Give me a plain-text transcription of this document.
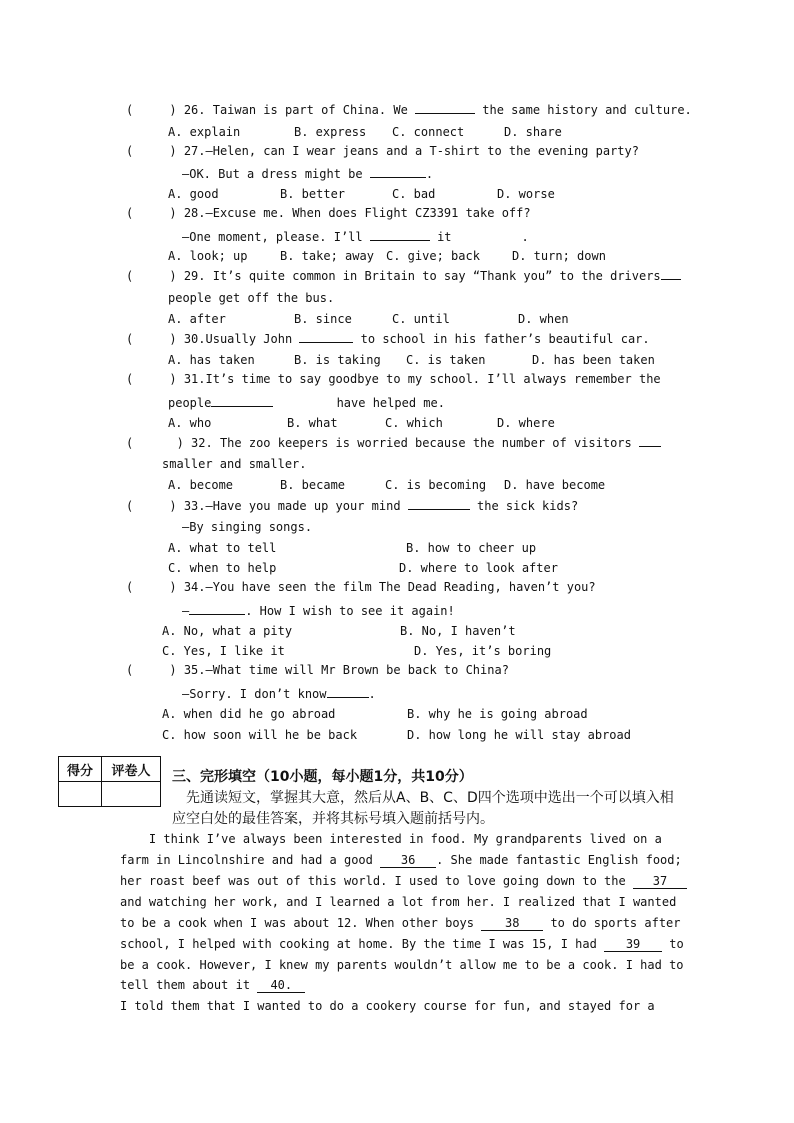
(     ) 26. Taiwan is part of China. We	the same history and culture.
A. explain	B. express C. connect	D. share
(     ) 27.—Helen, can I wear jeans and a T-shirt to the evening party?
—OK. But a dress might be	.
A. good	B. better	C. bad	D. worse
(     ) 28.—Excuse me. When does Flight CZ3391 take off?
—One moment, please. I’ll	it	.
A. look; up	B. take; away C. give; back	D. turn; down
(     ) 29. It’s quite common in Britain to say “Thank you” to the drivers
people get off the bus.
A. after	B. since	C. until	D. when
(     ) 30.Usually John	to school in his father’s beautiful car.
A. has taken	B. is taking C. is taken	D. has been taken
(     ) 31.It’s time to say goodbye to my school. I’ll always remember the
people	have helped me.
A. who	B. what	C. which	D. where
(      ) 32. The zoo keepers is worried because the number of visitors
smaller and smaller.
A. become	B. became	C. is becoming D. have become
(     ) 33.—Have you made up your mind	the sick kids?
—By singing songs.
A. what to tell	B. how to cheer up
C. when to help	D. where to look after
(     ) 34.—You have seen the film The Dead Reading, haven’t you?
—	. How I wish to see it again!
A. No, what a pity	B. No, I haven’t
C. Yes, I like it	D. Yes, it’s boring
(     ) 35.—What time will Mr Brown be back to China?
—Sorry. I don’t know	.
A. when did he go abroad	B. why he is going abroad
C. how soon will he be back	D. how long he will stay abroad
得分	评卷人
	三、完形填空（10小题，每小题1分，共10分）
先通读短文，掌握其大意，然后从A、B、C、D四个选项中选出一个可以填入相
应空白处的最佳答案，并将其标号填入题前括号内。
I think I’ve always been interested in food. My grandparents lived on a
farm in Lincolnshire and had a good 36 . She made fantastic English food;
her roast beef was out of this world. I used to love going down to the 37
and watching her work, and I learned a lot from her. I realized that I wanted
to be a cook when I was about 12. When other boys 38 to do sports after
school, I helped with cooking at home. By the time I was 15, I had 39 to
be a cook. However, I knew my parents wouldn’t allow me to be a cook. I had to
tell them about it 40.
I told them that I wanted to do a cookery course for fun, and stayed for a
